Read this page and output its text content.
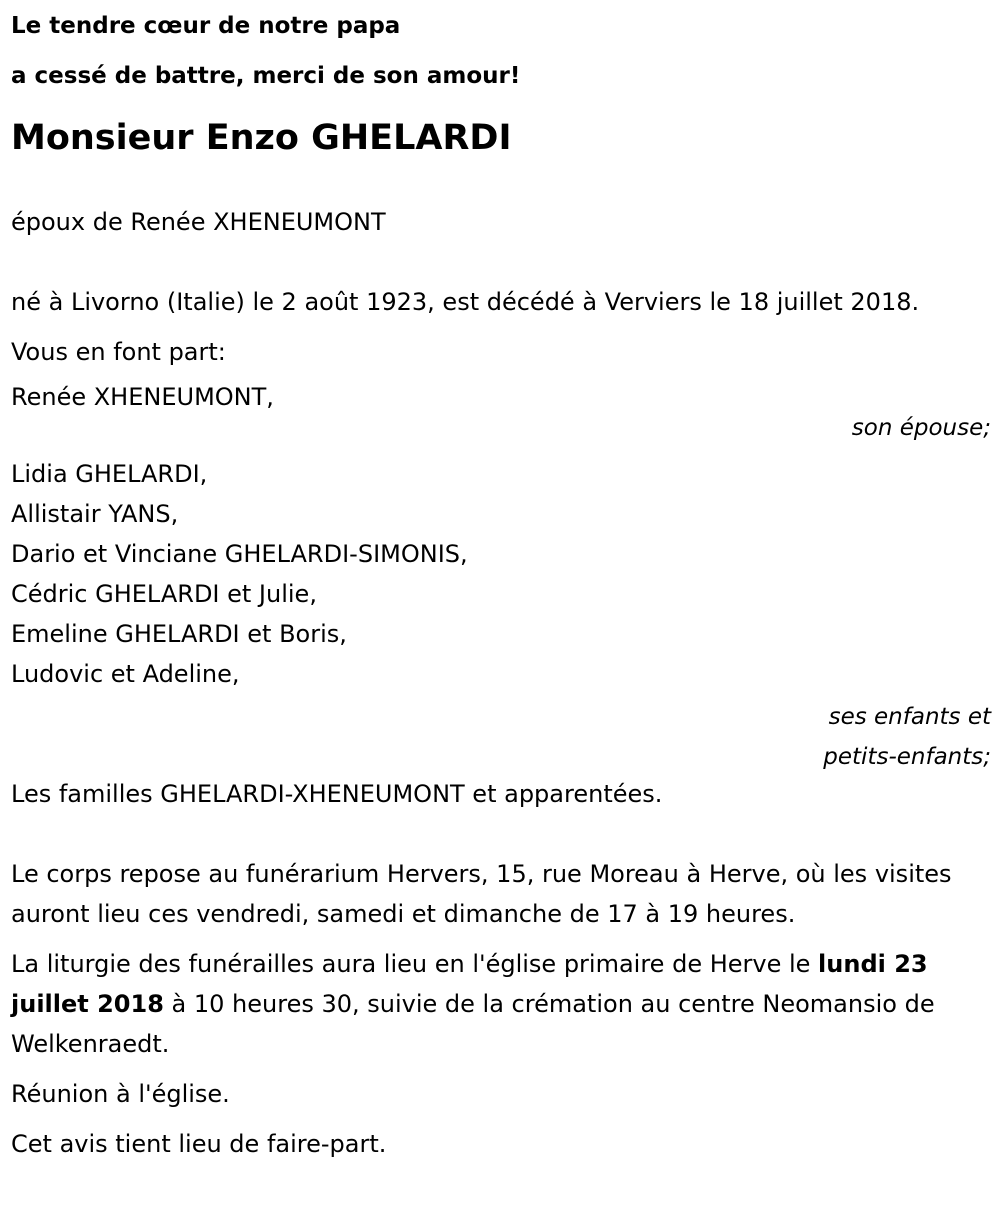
Le tendre cœur de notre papa

a cessé de battre, merci de son amour!

Monsieur Enzo GHELARDI

époux de Renée XHENEUMONT

né à Livorno (Italie) le 2 août 1923, est décédé à Verviers le 18 juillet 2018.

Vous en font part:

Renée XHENEUMONT,

son épouse;

Lidia GHELARDI,

Allistair YANS,

Dario et Vinciane GHELARDI-SIMONIS,

Cédric GHELARDI et Julie,

Emeline GHELARDI et Boris,

Ludovic et Adeline,

ses enfants et

petits-enfants;

Les familles GHELARDI-XHENEUMONT et apparentées.

Le corps repose au funérarium Hervers, 15, rue Moreau à Herve, où les visites auront lieu ces vendredi, samedi et dimanche de 17 à 19 heures.

La liturgie des funérailles aura lieu en l'église primaire de Herve le lundi 23 juillet 2018 à 10 heures 30, suivie de la crémation au centre Neomansio de Welkenraedt.

Réunion à l'église.

Cet avis tient lieu de faire-part.
